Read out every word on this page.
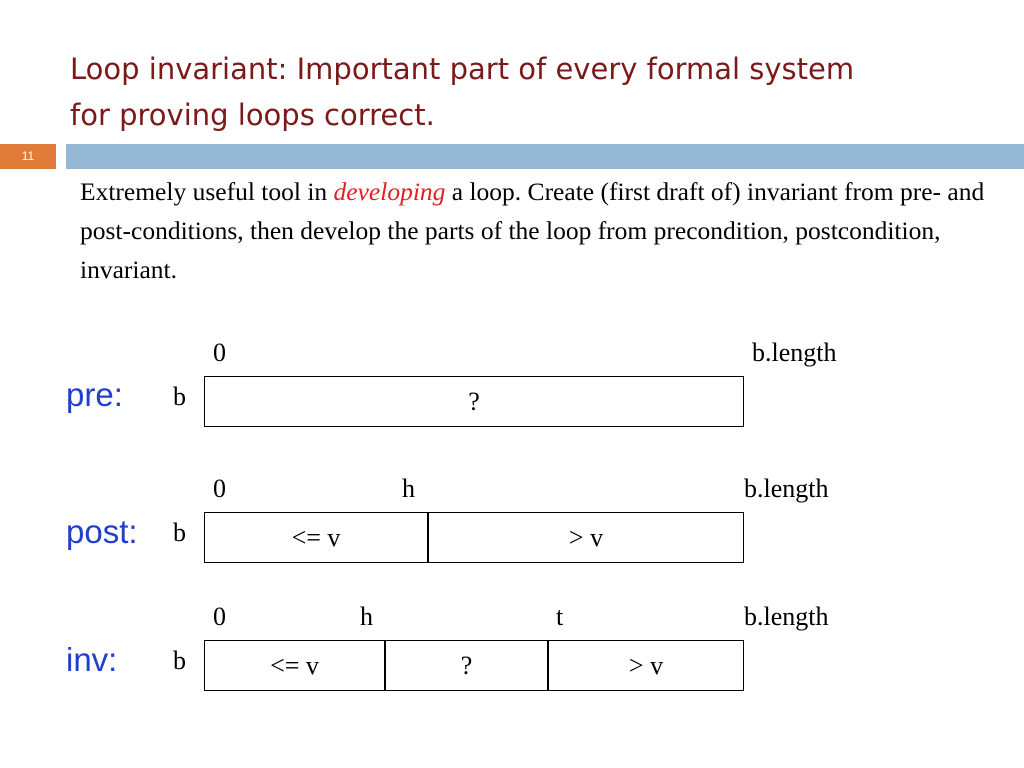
Loop invariant: Important part of every formal system
for proving loops correct.
11
Extremely useful tool in developing a loop. Create (first draft of) invariant from pre- and post-conditions, then develop the parts of the loop from precondition, postcondition, invariant.
pre:
0	b.length
b	?
post:
0	h	b.length
b	<= v	> v
inv:
0	h	t	b.length
b	<= v	?	> v
